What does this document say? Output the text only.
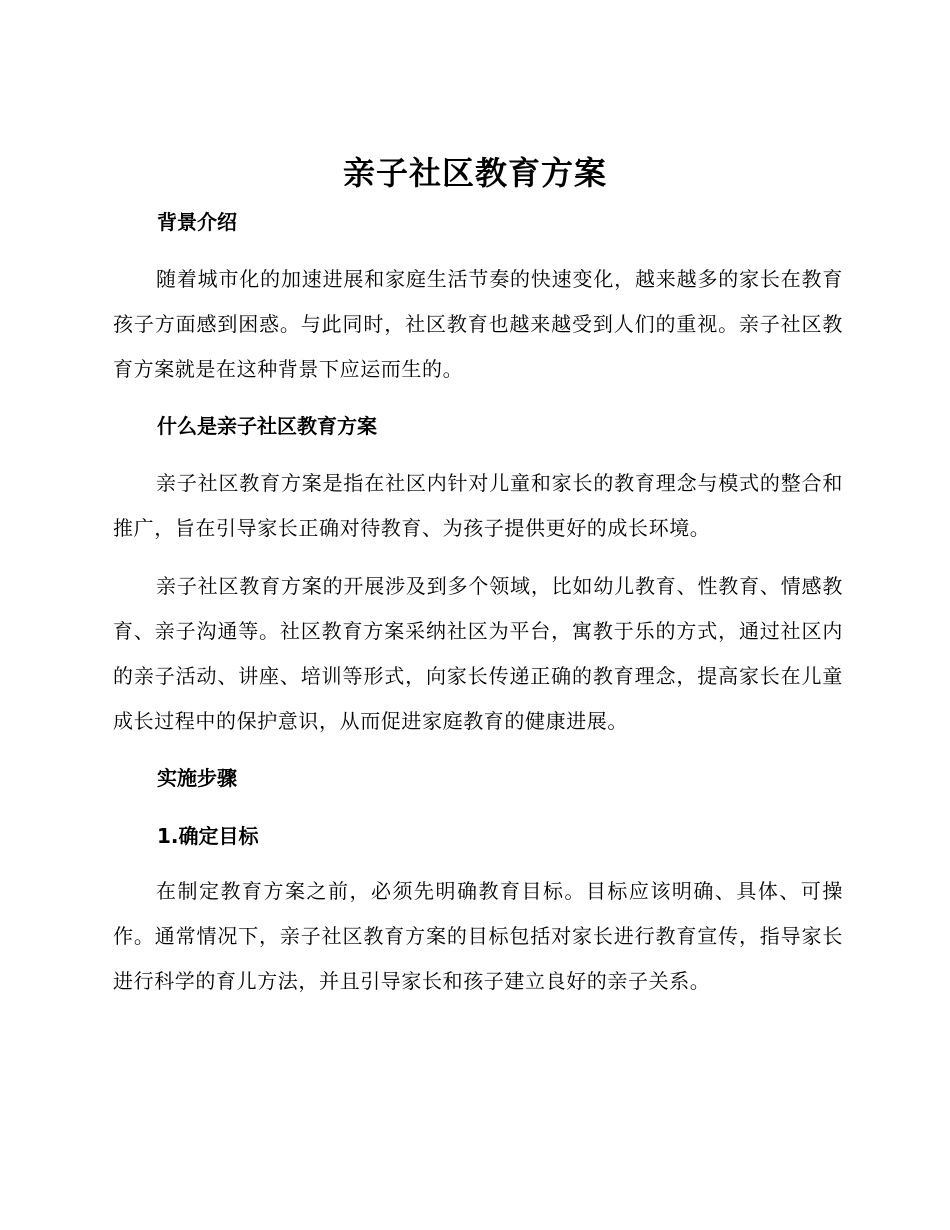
亲子社区教育方案
背景介绍
随着城市化的加速进展和家庭生活节奏的快速变化，越来越多的家长在教育孩子方面感到困惑。与此同时，社区教育也越来越受到人们的重视。亲子社区教育方案就是在这种背景下应运而生的。
什么是亲子社区教育方案
亲子社区教育方案是指在社区内针对儿童和家长的教育理念与模式的整合和推广，旨在引导家长正确对待教育、为孩子提供更好的成长环境。
亲子社区教育方案的开展涉及到多个领域，比如幼儿教育、性教育、情感教育、亲子沟通等。社区教育方案采纳社区为平台，寓教于乐的方式，通过社区内的亲子活动、讲座、培训等形式，向家长传递正确的教育理念，提高家长在儿童成长过程中的保护意识，从而促进家庭教育的健康进展。
实施步骤
1.确定目标
在制定教育方案之前，必须先明确教育目标。目标应该明确、具体、可操作。通常情况下，亲子社区教育方案的目标包括对家长进行教育宣传，指导家长进行科学的育儿方法，并且引导家长和孩子建立良好的亲子关系。
